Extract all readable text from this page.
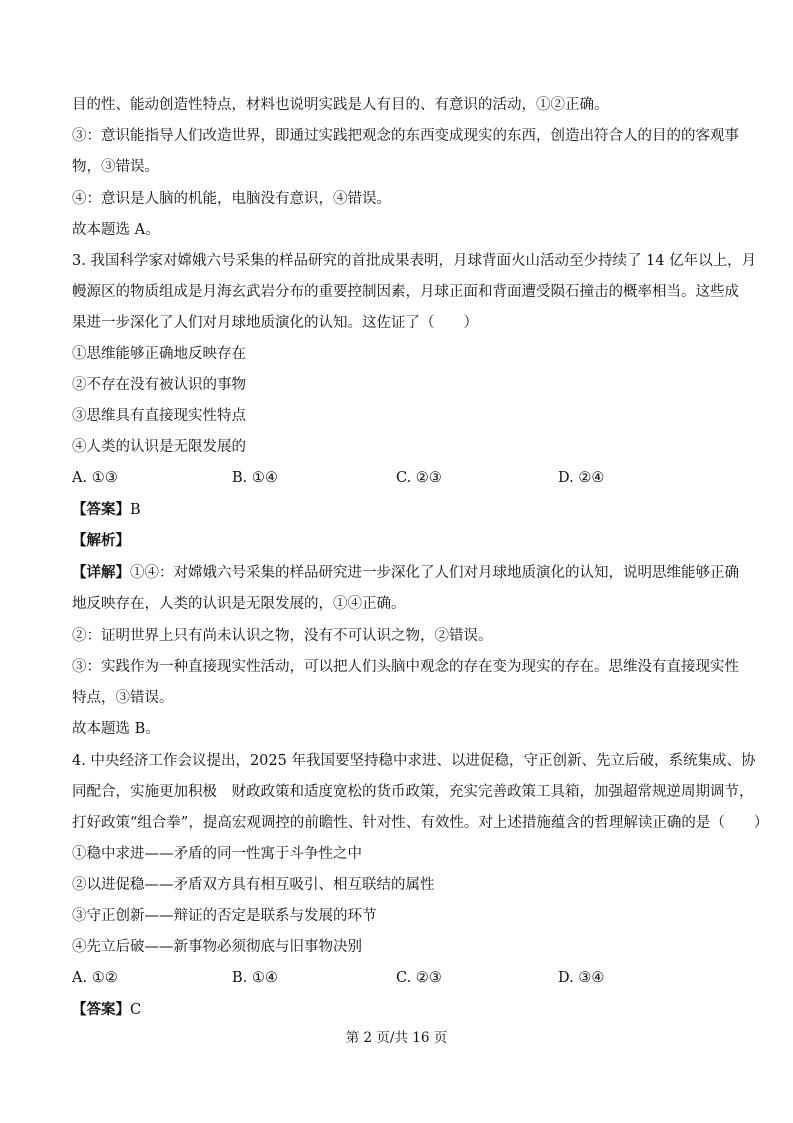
目的性、能动创造性特点，材料也说明实践是人有目的、有意识的活动，①②正确。
③：意识能指导人们改造世界，即通过实践把观念的东西变成现实的东西，创造出符合人的目的的客观事
物，③错误。
④：意识是人脑的机能，电脑没有意识，④错误。
故本题选 A。
3. 我国科学家对嫦娥六号采集的样品研究的首批成果表明，月球背面火山活动至少持续了 14 亿年以上，月
幔源区的物质组成是月海玄武岩分布的重要控制因素，月球正面和背面遭受陨石撞击的概率相当。这些成
果进一步深化了人们对月球地质演化的认知。这佐证了（　　）
①思维能够正确地反映存在
②不存在没有被认识的事物
③思维具有直接现实性特点
④人类的认识是无限发展的
A. ①③	B. ①④	C. ②③	D. ②④
【答案】B
【解析】
【详解】①④：对嫦娥六号采集的样品研究进一步深化了人们对月球地质演化的认知，说明思维能够正确
地反映存在，人类的认识是无限发展的，①④正确。
②：证明世界上只有尚未认识之物，没有不可认识之物，②错误。
③：实践作为一种直接现实性活动，可以把人们头脑中观念的存在变为现实的存在。思维没有直接现实性
特点，③错误。
故本题选 B。
4. 中央经济工作会议提出，2025 年我国要坚持稳中求进、以进促稳，守正创新、先立后破，系统集成、协
同配合，实施更加积极　财政政策和适度宽松的货币政策，充实完善政策工具箱，加强超常规逆周期调节，
打好政策“组合拳”，提高宏观调控的前瞻性、针对性、有效性。对上述措施蕴含的哲理解读正确的是（　　）
①稳中求进——矛盾的同一性寓于斗争性之中
②以进促稳——矛盾双方具有相互吸引、相互联结的属性
③守正创新——辩证的否定是联系与发展的环节
④先立后破——新事物必须彻底与旧事物决别
A. ①②	B. ①④	C. ②③	D. ③④
【答案】C
第 2 页/共 16 页
